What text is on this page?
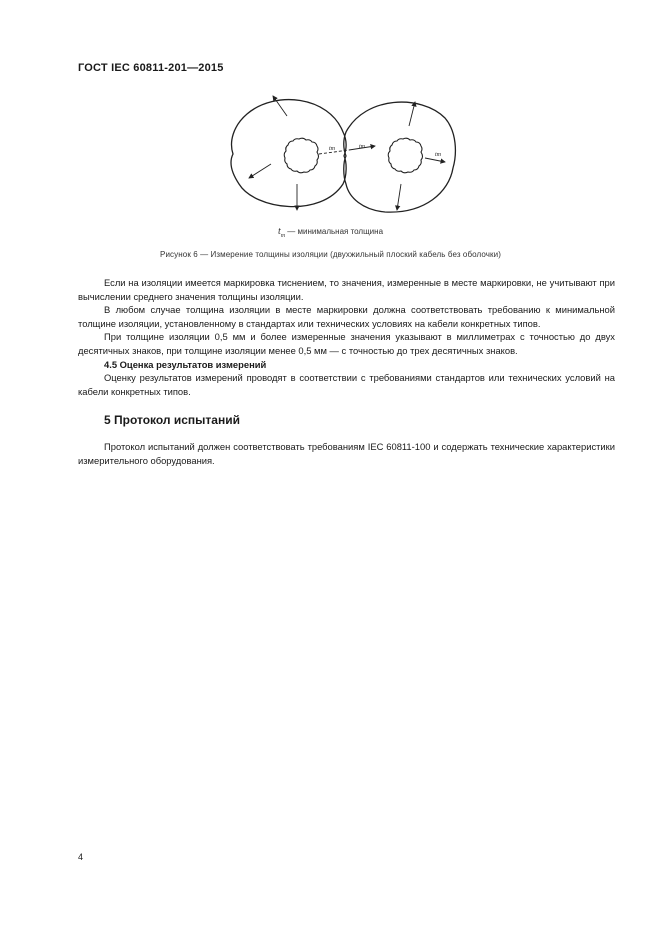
ГОСТ IEC 60811-201—2015
tm	tm
tm
$t_m$ — минимальная толщина
Рисунок 6 — Измерение толщины изоляции (двухжильный плоский кабель без оболочки)

Если на изоляции имеется маркировка тиснением, то значения, измеренные в месте маркировки, не учитывают при вычислении среднего значения толщины изоляции.

В любом случае толщина изоляции в месте маркировки должна соответствовать требованию к минимальной толщине изоляции, установленному в стандартах или технических условиях на кабели конкретных типов.

При толщине изоляции 0,5 мм и более измеренные значения указывают в миллиметрах с точностью до двух десятичных знаков, при толщине изоляции менее 0,5 мм — с точностью до трех десятичных знаков.

4.5 Оценка результатов измерений

Оценку результатов измерений проводят в соответствии с требованиями стандартов или технических условий на кабели конкретных типов.

5 Протокол испытаний

Протокол испытаний должен соответствовать требованиям IEC 60811-100 и содержать технические характеристики измерительного оборудования.

4
